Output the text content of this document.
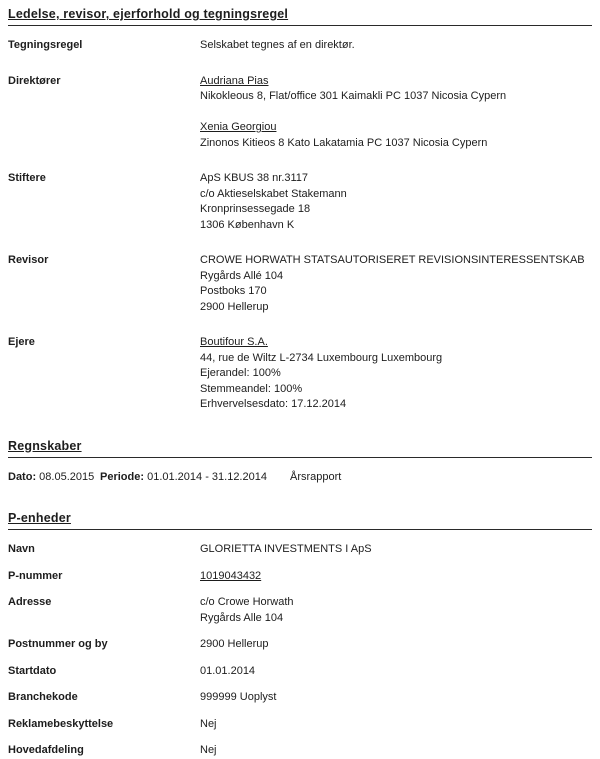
Ledelse, revisor, ejerforhold og tegningsregel
Tegningsregel	Selskabet tegnes af en direktør.
Direktører	Audriana Pias
Nikokleous 8, Flat/office 301 Kaimakli PC 1037 Nicosia Cypern
Xenia Georgiou
Zinonos Kitieos 8 Kato Lakatamia PC 1037 Nicosia Cypern
Stiftere	ApS KBUS 38 nr.3117
c/o Aktieselskabet Stakemann
Kronprinsessegade 18
1306 København K
Revisor	CROWE HORWATH STATSAUTORISERET REVISIONSINTERESSENTSKAB
Rygårds Allé 104
Postboks 170
2900 Hellerup
Ejere	Boutifour S.A.
44, rue de Wiltz L-2734 Luxembourg Luxembourg
Ejerandel: 100%
Stemmeandel: 100%
Erhvervelsesdato: 17.12.2014
Regnskaber
Dato: 08.05.2015 Periode: 01.01.2014 - 31.12.2014	Årsrapport
P-enheder
Navn	GLORIETTA INVESTMENTS I ApS
P-nummer	1019043432
Adresse	c/o Crowe Horwath
Rygårds Alle 104
Postnummer og by	2900 Hellerup
Startdato	01.01.2014
Branchekode	999999 Uoplyst
Reklamebeskyttelse	Nej
Hovedafdeling	Nej
